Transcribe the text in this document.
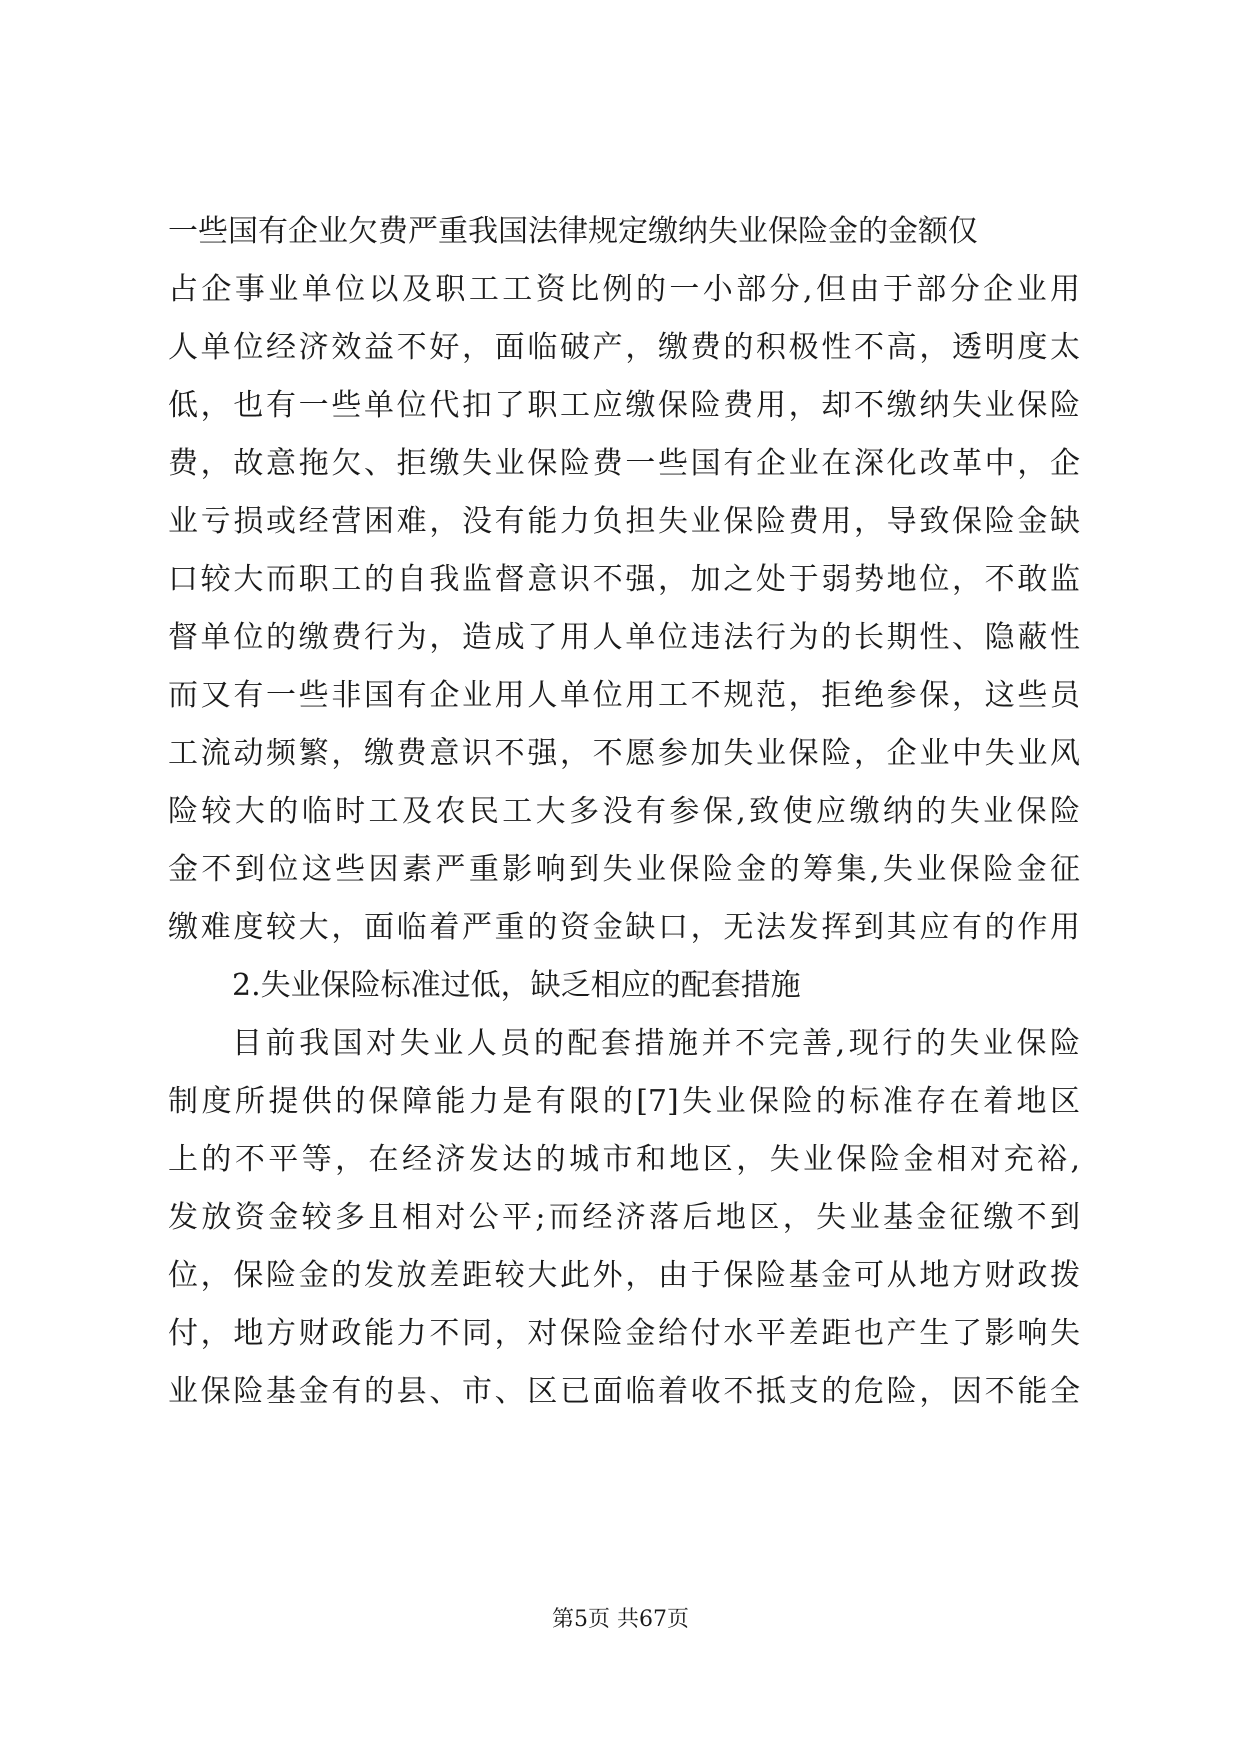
一些国有企业欠费严重我国法律规定缴纳失业保险金的金额仅
占企事业单位以及职工工资比例的一小部分,但由于部分企业用
人单位经济效益不好，面临破产，缴费的积极性不高，透明度太
低，也有一些单位代扣了职工应缴保险费用，却不缴纳失业保险
费，故意拖欠、拒缴失业保险费一些国有企业在深化改革中，企
业亏损或经营困难，没有能力负担失业保险费用，导致保险金缺
口较大而职工的自我监督意识不强，加之处于弱势地位，不敢监
督单位的缴费行为，造成了用人单位违法行为的长期性、隐蔽性
而又有一些非国有企业用人单位用工不规范，拒绝参保，这些员
工流动频繁，缴费意识不强，不愿参加失业保险，企业中失业风
险较大的临时工及农民工大多没有参保,致使应缴纳的失业保险
金不到位这些因素严重影响到失业保险金的筹集,失业保险金征
缴难度较大，面临着严重的资金缺口，无法发挥到其应有的作用
2.失业保险标准过低，缺乏相应的配套措施
目前我国对失业人员的配套措施并不完善,现行的失业保险
制度所提供的保障能力是有限的[7]失业保险的标准存在着地区
上的不平等，在经济发达的城市和地区，失业保险金相对充裕,
发放资金较多且相对公平;而经济落后地区，失业基金征缴不到
位，保险金的发放差距较大此外，由于保险基金可从地方财政拨
付，地方财政能力不同，对保险金给付水平差距也产生了影响失
业保险基金有的县、市、区已面临着收不抵支的危险，因不能全
第5页 共67页
